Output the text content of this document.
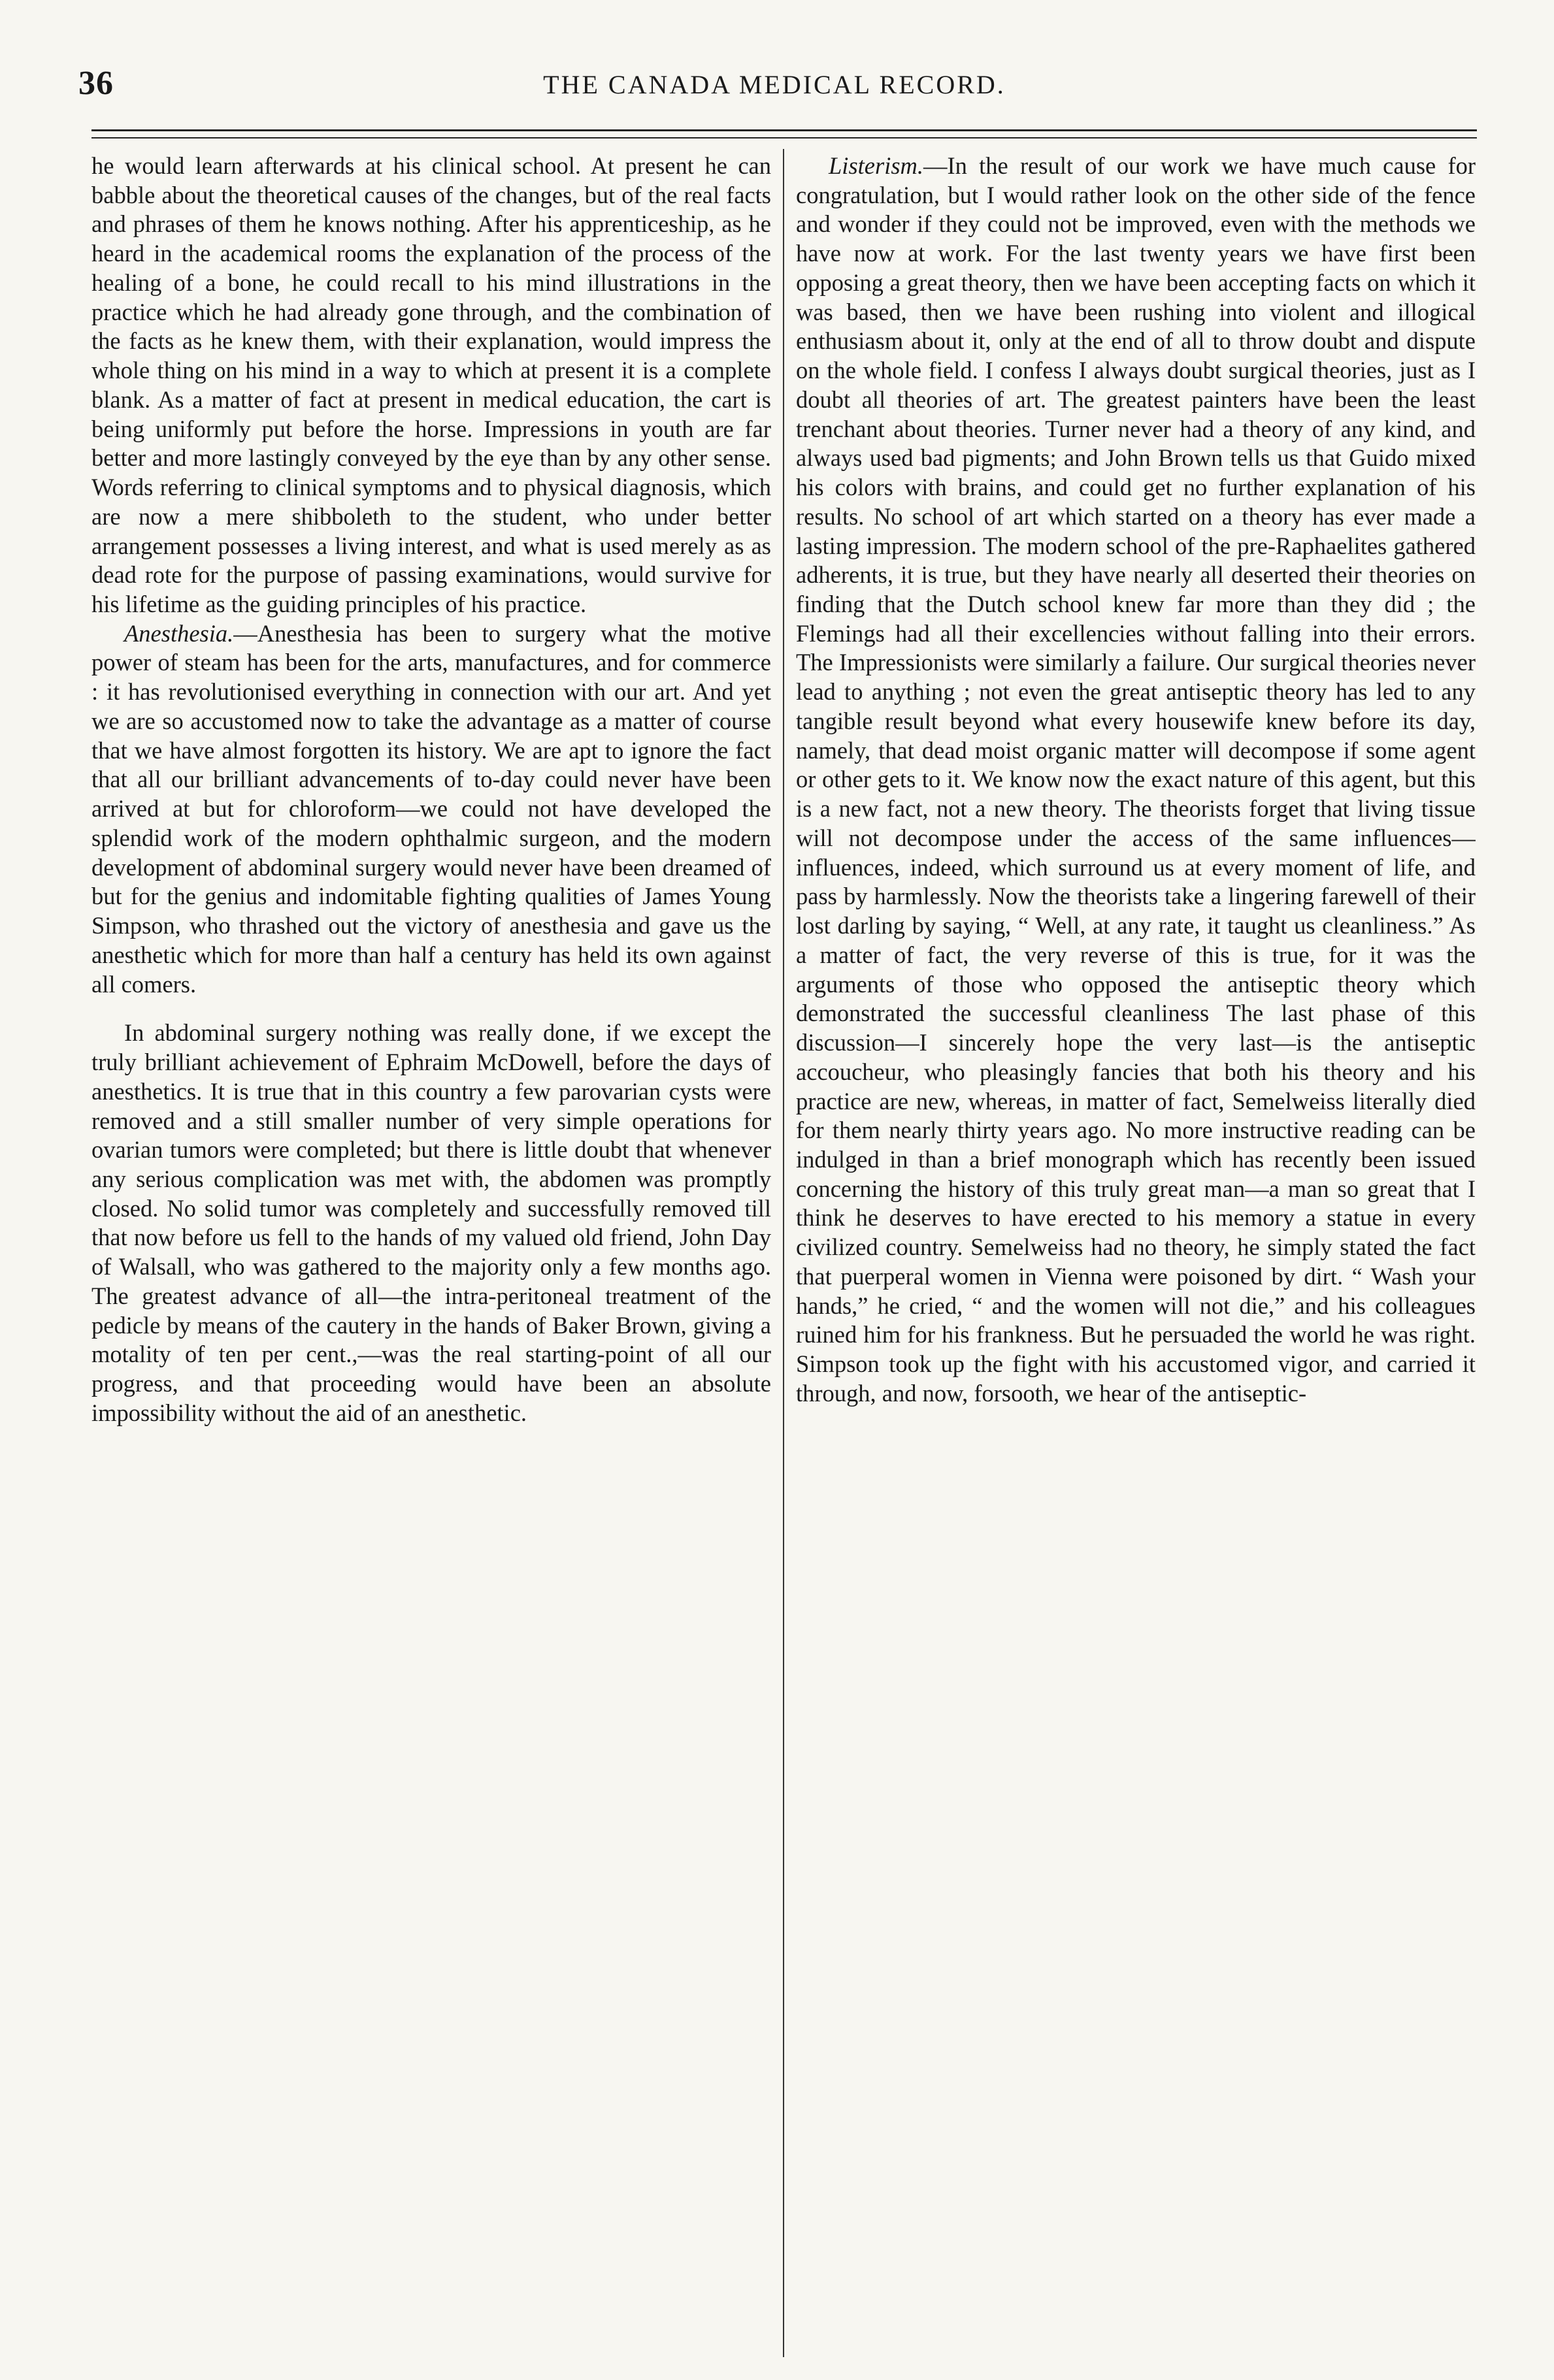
36	THE CANADA MEDICAL RECORD.

he would learn afterwards at his clinical school. At present he can babble about the theoretical causes of the changes, but of the real facts and phrases of them he knows nothing. After his apprenticeship, as he heard in the academical rooms the explanation of the process of the healing of a bone, he could recall to his mind illustrations in the practice which he had already gone through, and the combination of the facts as he knew them, with their explanation, would impress the whole thing on his mind in a way to which at present it is a complete blank. As a matter of fact at present in medical education, the cart is being uniformly put before the horse. Impressions in youth are far better and more lastingly conveyed by the eye than by any other sense. Words referring to clinical symptoms and to physical diagnosis, which are now a mere shibboleth to the student, who under better arrangement possesses a living interest, and what is used merely as as dead rote for the purpose of passing examinations, would survive for his lifetime as the guiding principles of his practice.

Anesthesia.—Anesthesia has been to surgery what the motive power of steam has been for the arts, manufactures, and for commerce : it has revolutionised everything in connection with our art. And yet we are so accustomed now to take the advantage as a matter of course that we have almost forgotten its history. We are apt to ignore the fact that all our brilliant advancements of to-day could never have been arrived at but for chloroform—we could not have developed the splendid work of the modern ophthalmic surgeon, and the modern development of abdominal surgery would never have been dreamed of but for the genius and indomitable fighting qualities of James Young Simpson, who thrashed out the victory of anesthesia and gave us the anesthetic which for more than half a century has held its own against all comers.

In abdominal surgery nothing was really done, if we except the truly brilliant achievement of Ephraim McDowell, before the days of anesthetics. It is true that in this country a few parovarian cysts were removed and a still smaller number of very simple operations for ovarian tumors were completed; but there is little doubt that whenever any serious complication was met with, the abdomen was promptly closed. No solid tumor was completely and successfully removed till that now before us fell to the hands of my valued old friend, John Day of Walsall, who was gathered to the majority only a few months ago. The greatest advance of all—the intra-peritoneal treatment of the pedicle by means of the cautery in the hands of Baker Brown, giving a motality of ten per cent.,—was the real starting-point of all our progress, and that proceeding would have been an absolute impossibility without the aid of an anesthetic.

Listerism.—In the result of our work we have much cause for congratulation, but I would rather look on the other side of the fence and wonder if they could not be improved, even with the methods we have now at work. For the last twenty years we have first been opposing a great theory, then we have been accepting facts on which it was based, then we have been rushing into violent and illogical enthusiasm about it, only at the end of all to throw doubt and dispute on the whole field. I confess I always doubt surgical theories, just as I doubt all theories of art. The greatest painters have been the least trenchant about theories. Turner never had a theory of any kind, and always used bad pigments; and John Brown tells us that Guido mixed his colors with brains, and could get no further explanation of his results. No school of art which started on a theory has ever made a lasting impression. The modern school of the pre-Raphaelites gathered adherents, it is true, but they have nearly all deserted their theories on finding that the Dutch school knew far more than they did ; the Flemings had all their excellencies without falling into their errors. The Impressionists were similarly a failure. Our surgical theories never lead to anything ; not even the great antiseptic theory has led to any tangible result beyond what every housewife knew before its day, namely, that dead moist organic matter will decompose if some agent or other gets to it. We know now the exact nature of this agent, but this is a new fact, not a new theory. The theorists forget that living tissue will not decompose under the access of the same influences—influences, indeed, which surround us at every moment of life, and pass by harmlessly. Now the theorists take a lingering farewell of their lost darling by saying, “ Well, at any rate, it taught us cleanliness.” As a matter of fact, the very reverse of this is true, for it was the arguments of those who opposed the antiseptic theory which demonstrated the successful cleanliness The last phase of this discussion—I sincerely hope the very last—is the antiseptic accoucheur, who pleasingly fancies that both his theory and his practice are new, whereas, in matter of fact, Semelweiss literally died for them nearly thirty years ago. No more instructive reading can be indulged in than a brief monograph which has recently been issued concerning the history of this truly great man—a man so great that I think he deserves to have erected to his memory a statue in every civilized country. Semelweiss had no theory, he simply stated the fact that puerperal women in Vienna were poisoned by dirt. “ Wash your hands,” he cried, “ and the women will not die,” and his colleagues ruined him for his frankness. But he persuaded the world he was right. Simpson took up the fight with his accustomed vigor, and carried it through, and now, forsooth, we hear of the antiseptic-
